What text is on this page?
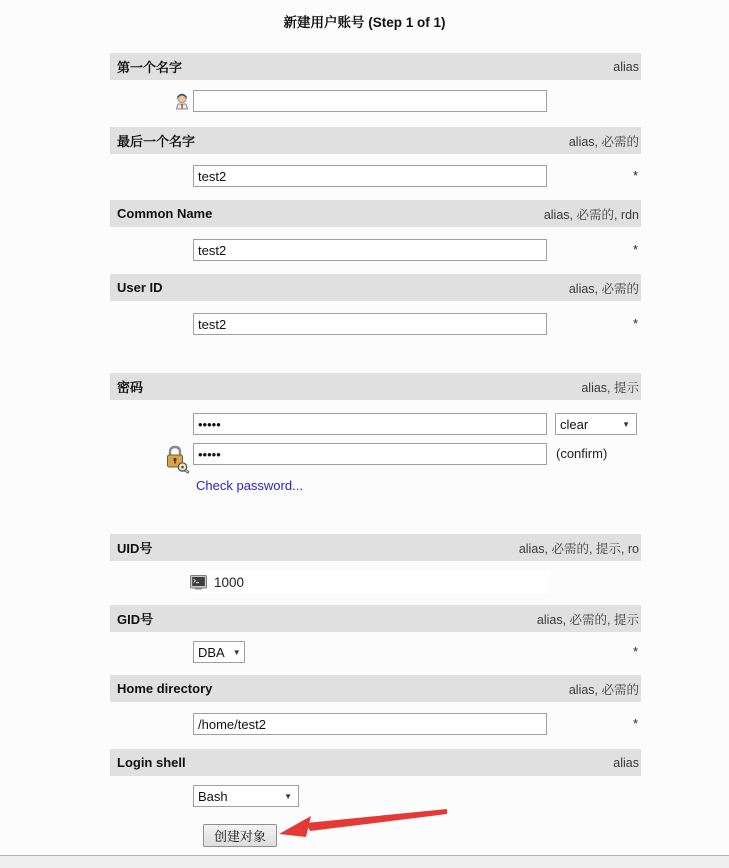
新建用户账号 (Step 1 of 1)
第一个名字	alias
最后一个名字	alias, 必需的
test2
*
Common Name	alias, 必需的, rdn
test2
*
User ID	alias, 必需的
test2
*
密码	alias, 提示
•••••
clear	▼
•••••
(confirm)
Check password...
UID号	alias, 必需的, 提示, ro
1000
GID号	alias, 必需的, 提示
DBA ▼	*
Home directory	alias, 必需的
/home/test2
*
Login shell	alias
Bash	▼
创建对象
